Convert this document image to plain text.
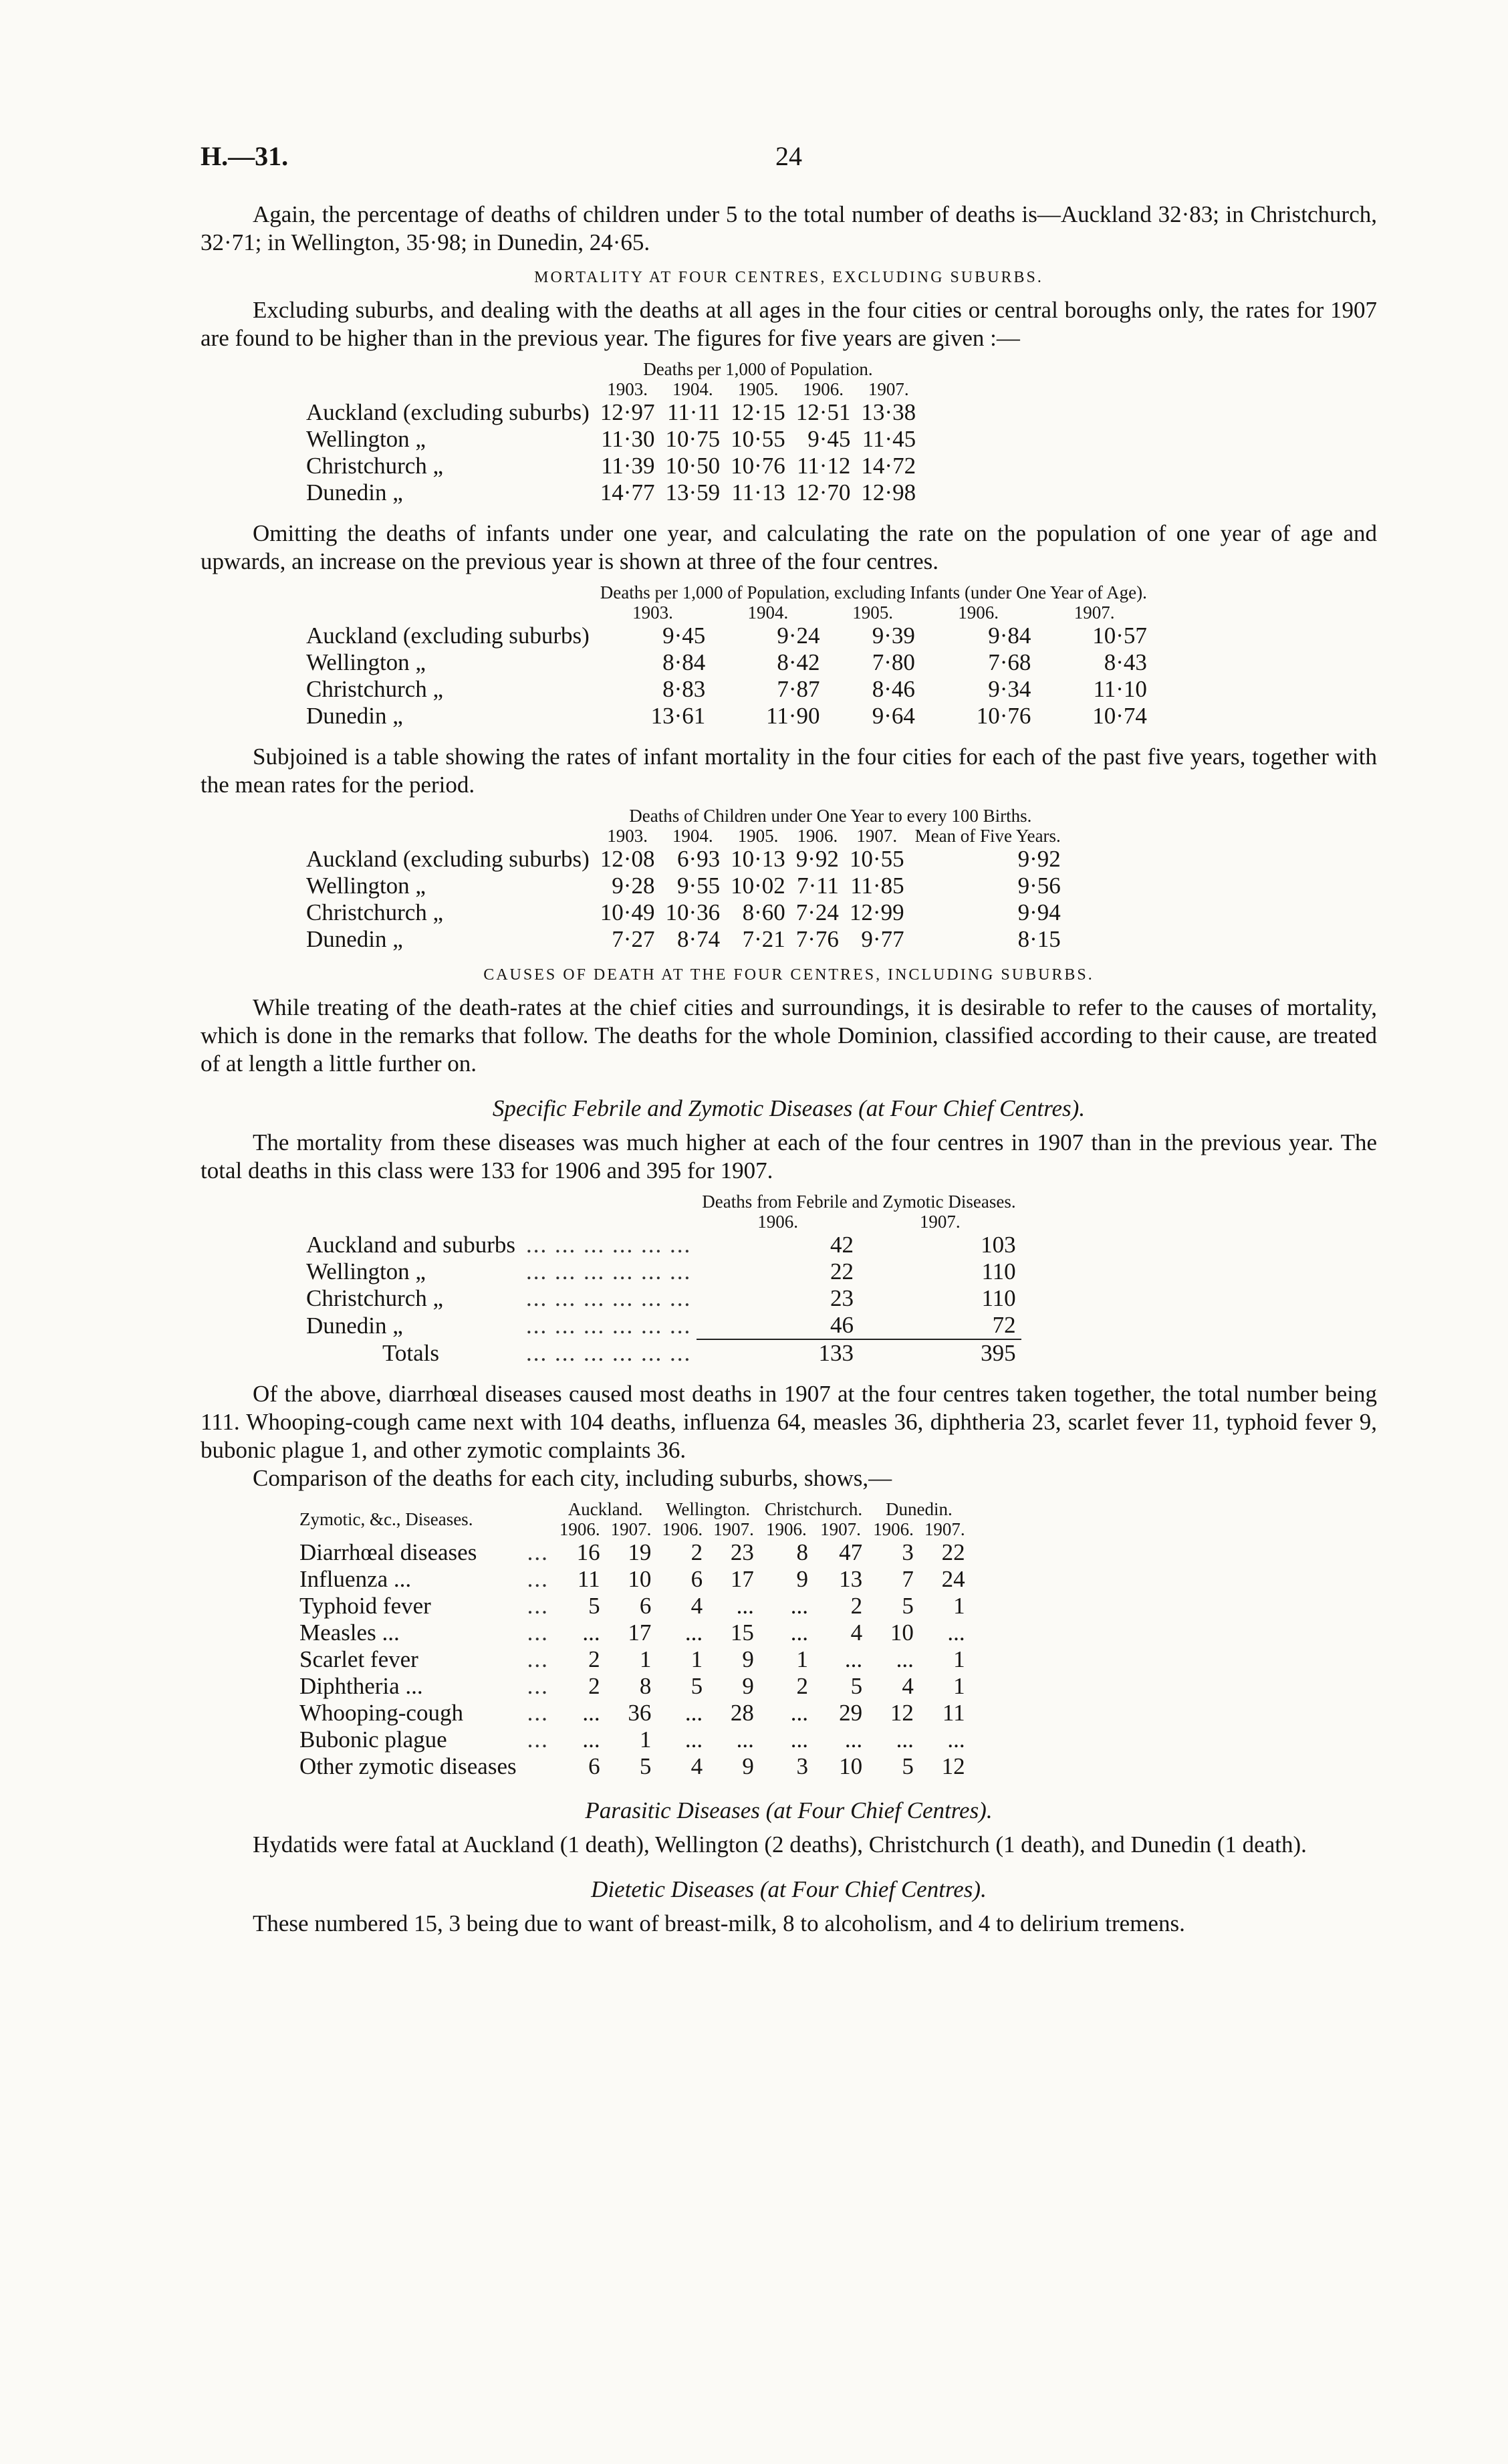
H.—31.	24

Again, the percentage of deaths of children under 5 to the total number of deaths is—Auckland 32·83; in Christchurch, 32·71; in Wellington, 35·98; in Dunedin, 24·65.

MORTALITY AT FOUR CENTRES, EXCLUDING SUBURBS.

Excluding suburbs, and dealing with the deaths at all ages in the four cities or central boroughs only, the rates for 1907 are found to be higher than in the previous year. The figures for five years are given :—

	Deaths per 1,000 of Population.				
	1903.	1904.	1905.	1906.	1907.
Auckland (excluding suburbs)	12·97	11·11	12·15	12·51	13·38
Wellington „	11·30	10·75	10·55	9·45	11·45
Christchurch „	11·39	10·50	10·76	11·12	14·72
Dunedin „	14·77	13·59	11·13	12·70	12·98

Omitting the deaths of infants under one year, and calculating the rate on the population of one year of age and upwards, an increase on the previous year is shown at three of the four centres.

	Deaths per 1,000 of Population, excluding Infants (under One Year of Age).				
	1903.	1904.	1905.	1906.	1907.
Auckland (excluding suburbs)	9·45	9·24	9·39	9·84	10·57
Wellington „	8·84	8·42	7·80	7·68	8·43
Christchurch „	8·83	7·87	8·46	9·34	11·10
Dunedin „	13·61	11·90	9·64	10·76	10·74

Subjoined is a table showing the rates of infant mortality in the four cities for each of the past five years, together with the mean rates for the period.

	Deaths of Children under One Year to every 100 Births.					
	1903.	1904.	1905.	1906.	1907.	Mean of Five Years.
Auckland (excluding suburbs)	12·08	6·93	10·13	9·92	10·55	9·92
Wellington „	9·28	9·55	10·02	7·11	11·85	9·56
Christchurch „	10·49	10·36	8·60	7·24	12·99	9·94
Dunedin „	7·27	8·74	7·21	7·76	9·77	8·15
CAUSES OF DEATH AT THE FOUR CENTRES, INCLUDING SUBURBS.

While treating of the death-rates at the chief cities and surroundings, it is desirable to refer to the causes of mortality, which is done in the remarks that follow. The deaths for the whole Dominion, classified according to their cause, are treated of at length a little further on.

Specific Febrile and Zymotic Diseases (at Four Chief Centres).

The mortality from these diseases was much higher at each of the four centres in 1907 than in the previous year. The total deaths in this class were 133 for 1906 and 395 for 1907.

		Deaths from Febrile and Zymotic Diseases.	
		1906.	1907.
Auckland and suburbs	... ... ... ... ... ...	42	103
Wellington „	... ... ... ... ... ...	22	110
Christchurch „	... ... ... ... ... ...	23	110
Dunedin „	... ... ... ... ... ...	46	72
Totals	... ... ... ... ... ...	133	395

Of the above, diarrhœal diseases caused most deaths in 1907 at the four centres taken together, the total number being 111. Whooping-cough came next with 104 deaths, influenza 64, measles 36, diphtheria 23, scarlet fever 11, typhoid fever 9, bubonic plague 1, and other zymotic complaints 36.

Comparison of the deaths for each city, including suburbs, shows,—

Zymotic, &c., Diseases.		Auckland.		Wellington.		Christchurch.		Dunedin.	
		1906.	1907.	1906.	1907.	1906.	1907.	1906.	1907.
Diarrhœal diseases	...	16	19	2	23	8	47	3	22
Influenza ...	...	11	10	6	17	9	13	7	24
Typhoid fever	...	5	6	4	...	...	2	5	1
Measles ...	...	...	17	...	15	...	4	10	...
Scarlet fever	...	2	1	1	9	1	...	...	1
Diphtheria ...	...	2	8	5	9	2	5	4	1
Whooping-cough	...	...	36	...	28	...	29	12	11
Bubonic plague	...	...	1	...	...	...	...	...	...
Other zymotic diseases		6	5	4	9	3	10	5	12
Parasitic Diseases (at Four Chief Centres).

Hydatids were fatal at Auckland (1 death), Wellington (2 deaths), Christchurch (1 death), and Dunedin (1 death).

Dietetic Diseases (at Four Chief Centres).

These numbered 15, 3 being due to want of breast-milk, 8 to alcoholism, and 4 to delirium tremens.
